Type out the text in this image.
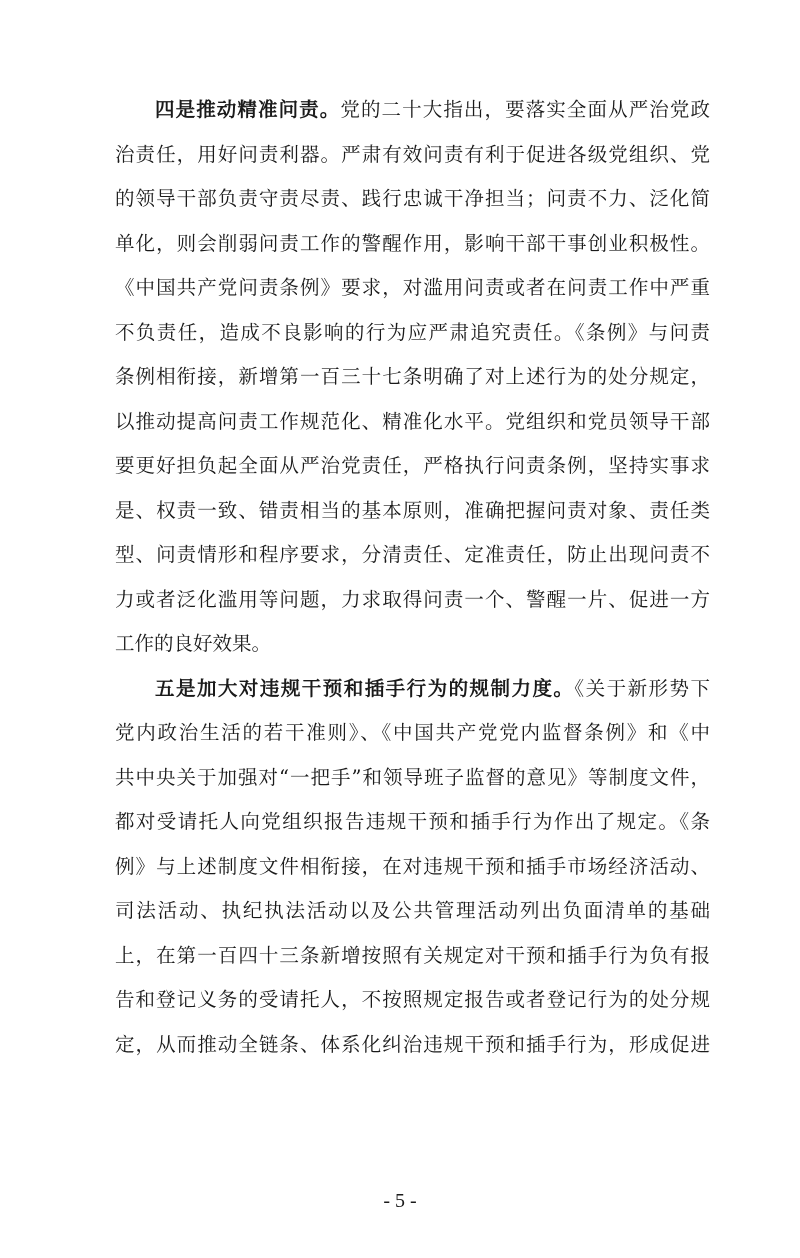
四是推动精准问责。党的二十大指出，要落实全面从严治党政

治责任，用好问责利器。严肃有效问责有利于促进各级党组织、党

的领导干部负责守责尽责、践行忠诚干净担当；问责不力、泛化简

单化，则会削弱问责工作的警醒作用，影响干部干事创业积极性。

《中国共产党问责条例》要求，对滥用问责或者在问责工作中严重

不负责任，造成不良影响的行为应严肃追究责任。《条例》与问责

条例相衔接，新增第一百三十七条明确了对上述行为的处分规定，

以推动提高问责工作规范化、精准化水平。党组织和党员领导干部

要更好担负起全面从严治党责任，严格执行问责条例，坚持实事求

是、权责一致、错责相当的基本原则，准确把握问责对象、责任类

型、问责情形和程序要求，分清责任、定准责任，防止出现问责不

力或者泛化滥用等问题，力求取得问责一个、警醒一片、促进一方

工作的良好效果。

五是加大对违规干预和插手行为的规制力度。《关于新形势下

党内政治生活的若干准则》、《中国共产党党内监督条例》和《中

共中央关于加强对“一把手”和领导班子监督的意见》等制度文件，

都对受请托人向党组织报告违规干预和插手行为作出了规定。《条

例》与上述制度文件相衔接，在对违规干预和插手市场经济活动、

司法活动、执纪执法活动以及公共管理活动列出负面清单的基础

上，在第一百四十三条新增按照有关规定对干预和插手行为负有报

告和登记义务的受请托人，不按照规定报告或者登记行为的处分规

定，从而推动全链条、体系化纠治违规干预和插手行为，形成促进

- 5 -
